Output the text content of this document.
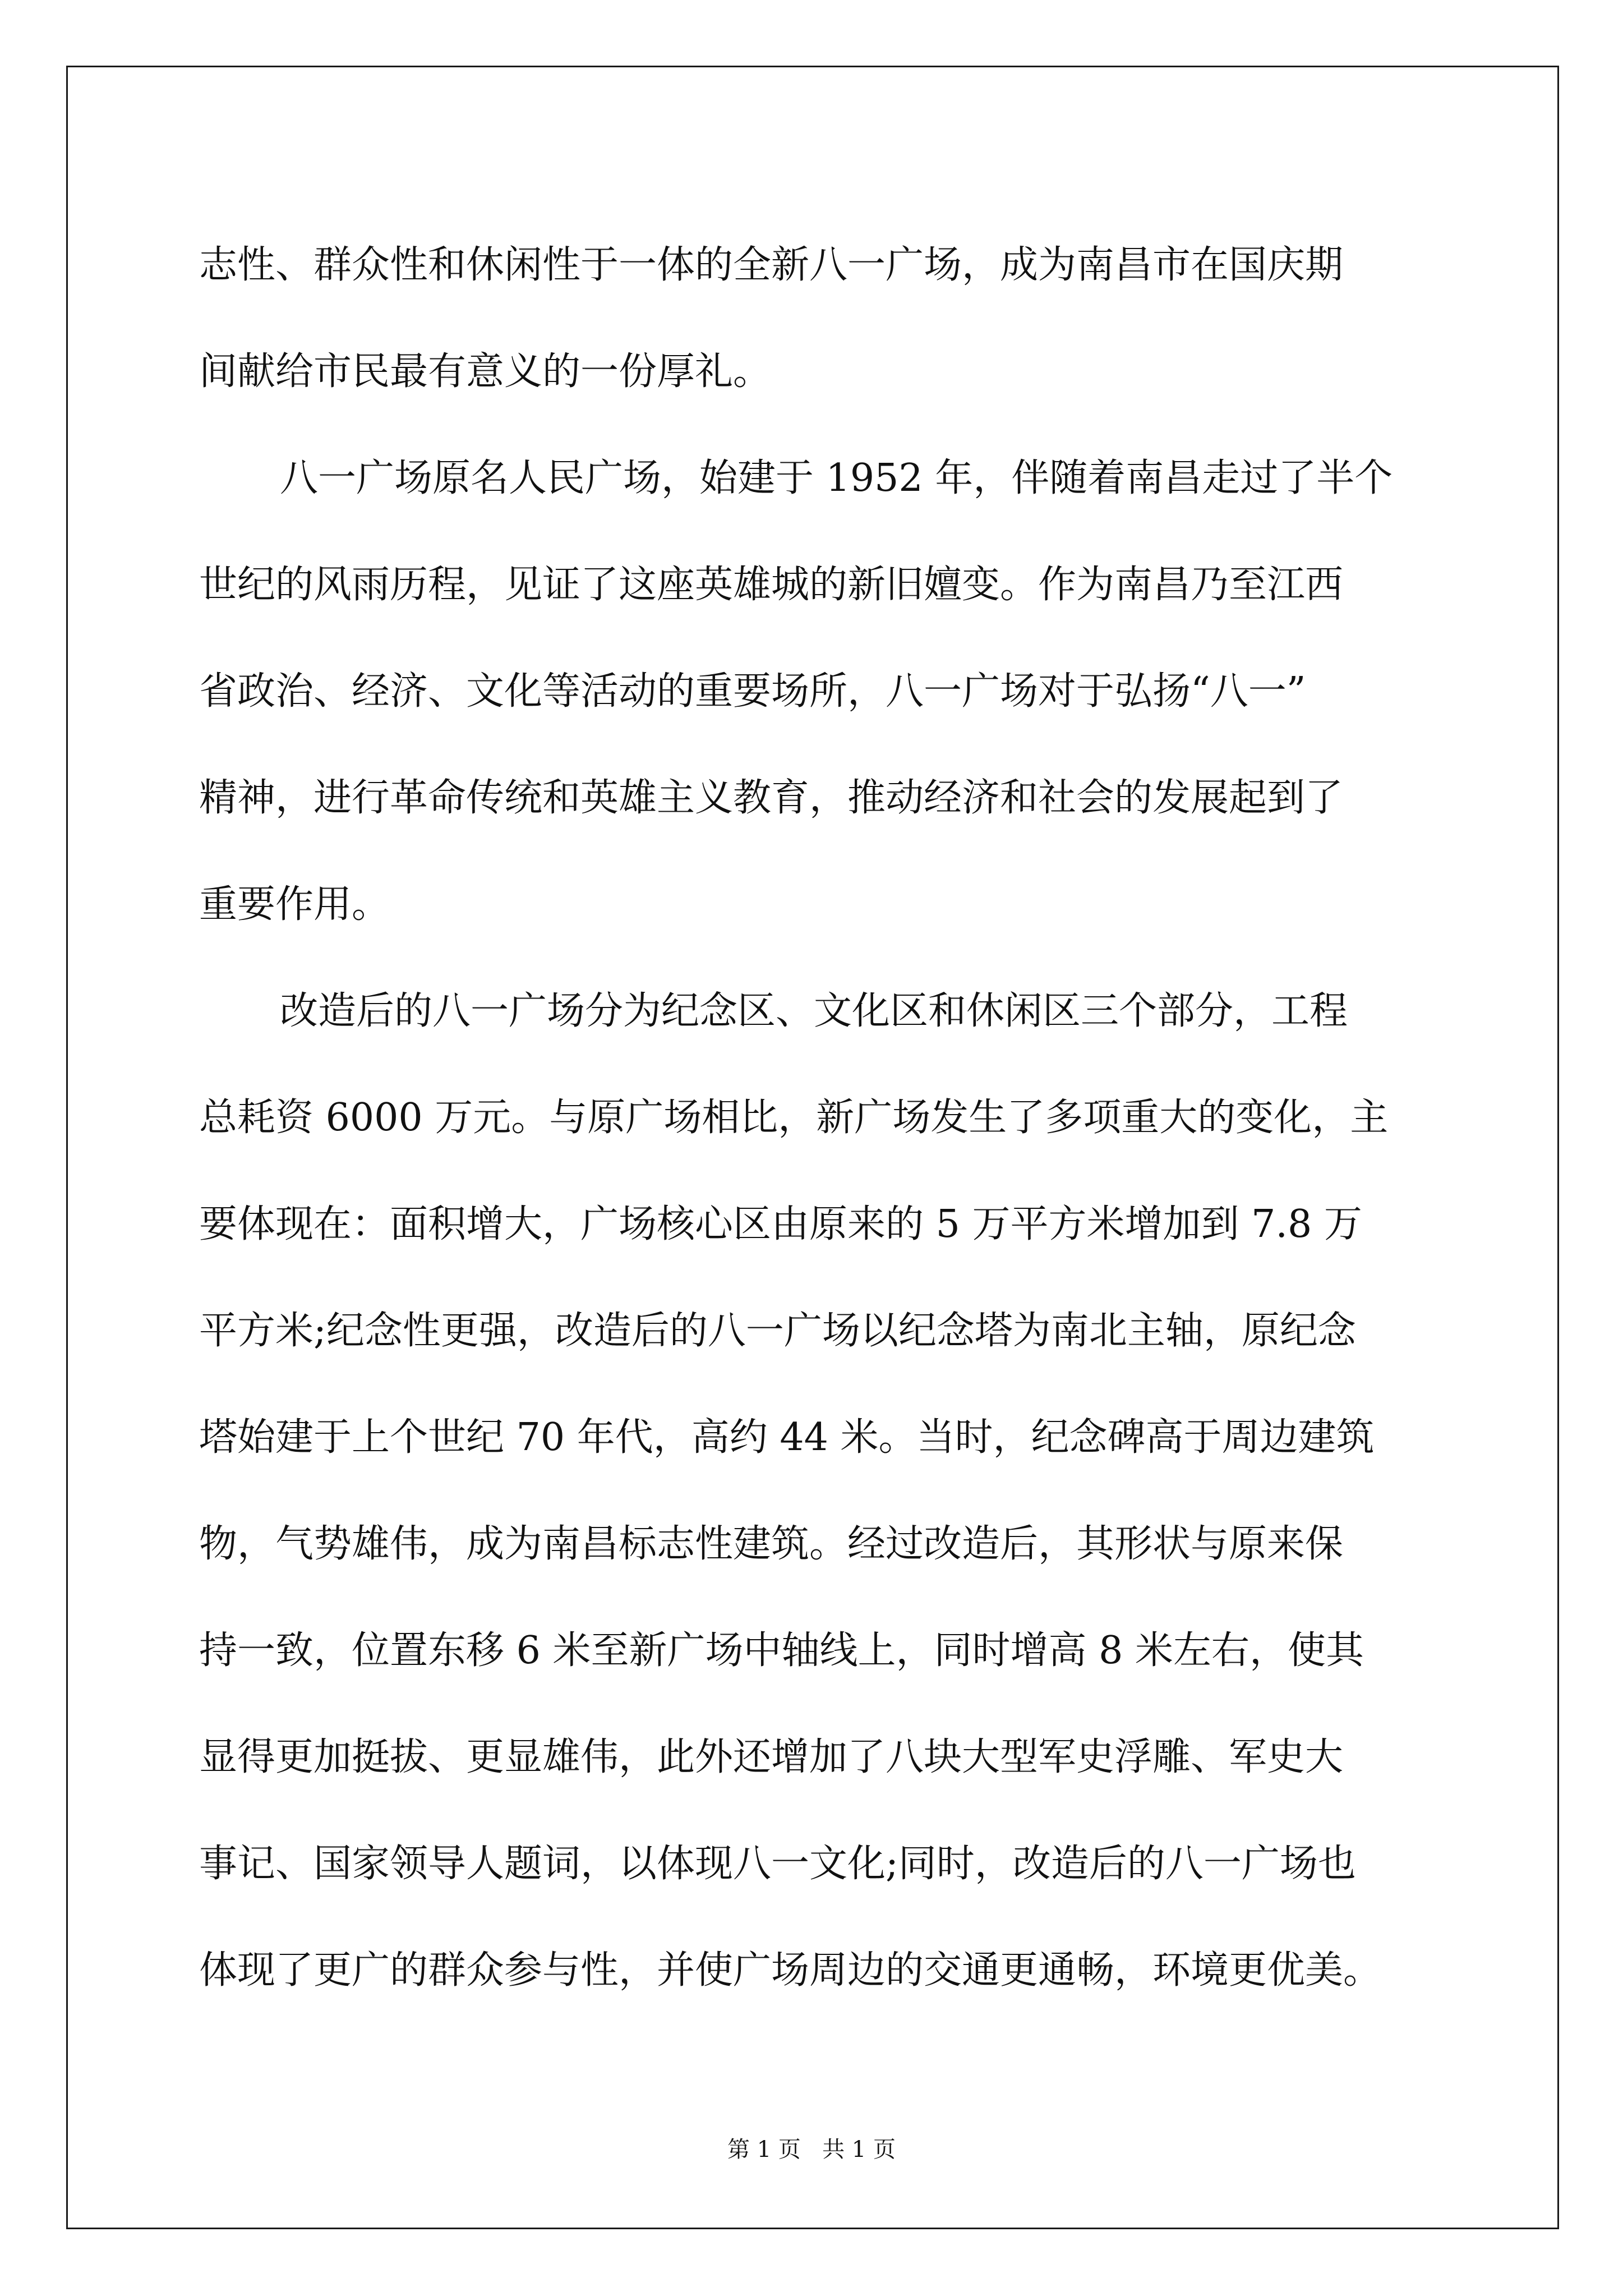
志性、群众性和休闲性于一体的全新八一广场，成为南昌市在国庆期
间献给市民最有意义的一份厚礼。
八一广场原名人民广场，始建于 1952 年，伴随着南昌走过了半个
世纪的风雨历程，见证了这座英雄城的新旧嬗变。作为南昌乃至江西
省政治、经济、文化等活动的重要场所，八一广场对于弘扬“八一”
精神，进行革命传统和英雄主义教育，推动经济和社会的发展起到了
重要作用。
改造后的八一广场分为纪念区、文化区和休闲区三个部分，工程
总耗资 6000 万元。与原广场相比，新广场发生了多项重大的变化，主
要体现在：面积增大，广场核心区由原来的 5 万平方米增加到 7.8 万
平方米;纪念性更强，改造后的八一广场以纪念塔为南北主轴，原纪念
塔始建于上个世纪 70 年代，高约 44 米。当时，纪念碑高于周边建筑
物，气势雄伟，成为南昌标志性建筑。经过改造后，其形状与原来保
持一致，位置东移 6 米至新广场中轴线上，同时增高 8 米左右，使其
显得更加挺拔、更显雄伟，此外还增加了八块大型军史浮雕、军史大
事记、国家领导人题词，以体现八一文化;同时，改造后的八一广场也
体现了更广的群众参与性，并使广场周边的交通更通畅，环境更优美。
第 1 页 共 1 页
